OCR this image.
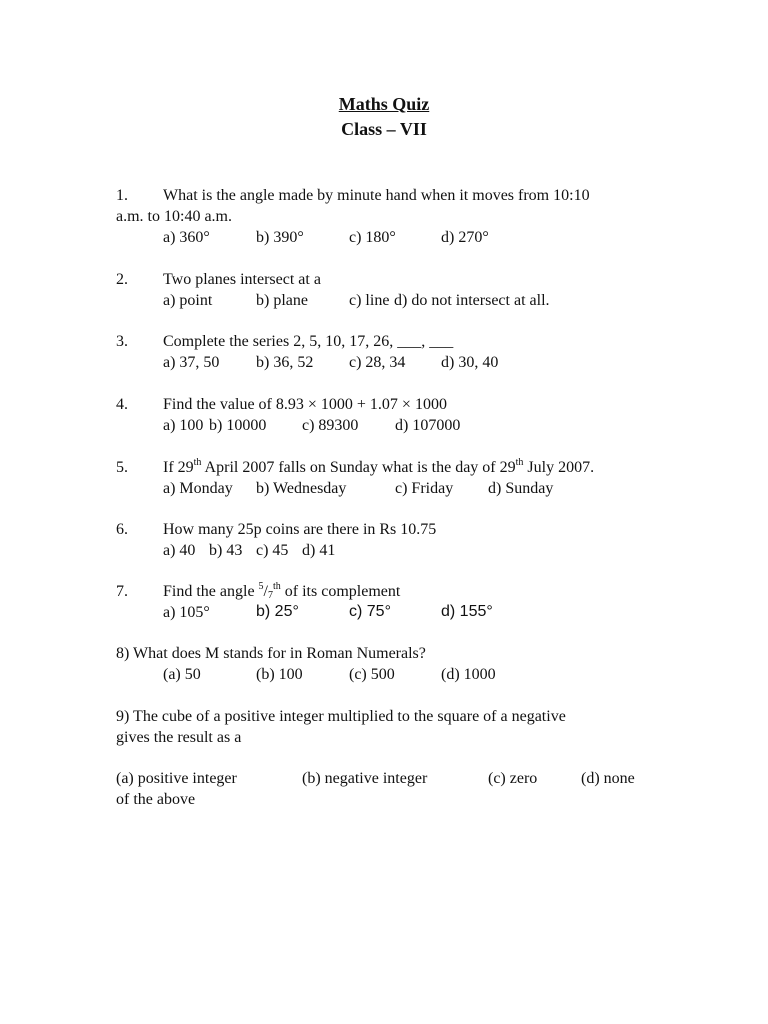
Maths Quiz
Class – VII
1. What is the angle made by minute hand when it moves from 10:10
a.m. to 10:40 a.m.
a) 360°	b) 390°	c) 180°	d) 270°
2. Two planes intersect at a
a) point	b) plane	c) line d) do not intersect at all.
3. Complete the series 2, 5, 10, 17, 26, ___, ___
a) 37, 50 b) 36, 52 c) 28, 34 d) 30, 40
4. Find the value of 8.93 × 1000 + 1.07 × 1000
a) 100 b) 10000 c) 89300 d) 107000
5. If 29th April 2007 falls on Sunday what is the day of 29th July 2007.
a) Monday b) Wednesday	c) Friday d) Sunday
6. How many 25p coins are there in Rs 10.75
a) 40 b) 43 c) 45 d) 41
7. Find the angle $^5$/7th of its complement
a) 105°	b) 25°	c) 75°	d) 155°
8) What does M stands for in Roman Numerals?
(a) 50	(b) 100	(c) 500	(d) 1000
9) The cube of a positive integer multiplied to the square of a negative
gives the result as a
(a) positive integer	(b) negative integer	(c) zero	(d) none
of the above
